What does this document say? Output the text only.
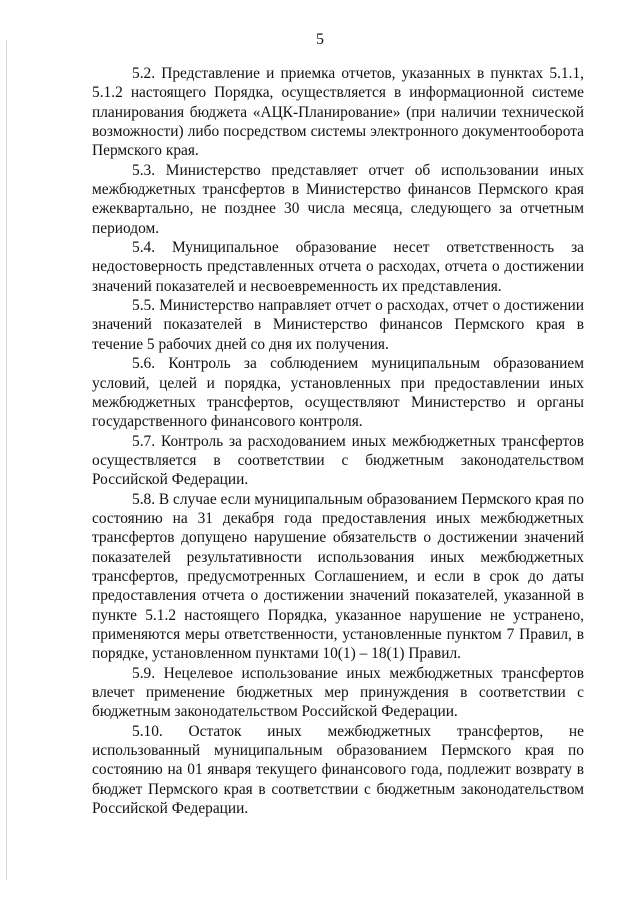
5

5.2. Представление и приемка отчетов, указанных в пунктах 5.1.1, 5.1.2 настоящего Порядка, осуществляется в информационной системе планирования бюджета «АЦК-Планирование» (при наличии технической возможности) либо посредством системы электронного документооборота Пермского края.

5.3. Министерство представляет отчет об использовании иных межбюджетных трансфертов в Министерство финансов Пермского края ежеквартально, не позднее 30 числа месяца, следующего за отчетным периодом.

5.4. Муниципальное образование несет ответственность за недостоверность представленных отчета о расходах, отчета о достижении значений показателей и несвоевременность их представления.

5.5. Министерство направляет отчет о расходах, отчет о достижении значений показателей в Министерство финансов Пермского края в течение 5 рабочих дней со дня их получения.

5.6. Контроль за соблюдением муниципальным образованием условий, целей и порядка, установленных при предоставлении иных межбюджетных трансфертов, осуществляют Министерство и органы государственного финансового контроля.

5.7. Контроль за расходованием иных межбюджетных трансфертов осуществляется в соответствии с бюджетным законодательством Российской Федерации.

5.8. В случае если муниципальным образованием Пермского края по состоянию на 31 декабря года предоставления иных межбюджетных трансфертов допущено нарушение обязательств о достижении значений показателей результативности использования иных межбюджетных трансфертов, предусмотренных Соглашением, и если в срок до даты предоставления отчета о достижении значений показателей, указанной в пункте 5.1.2 настоящего Порядка, указанное нарушение не устранено, применяются меры ответственности, установленные пунктом 7 Правил, в порядке, установленном пунктами 10(1) – 18(1) Правил.

5.9. Нецелевое использование иных межбюджетных трансфертов влечет применение бюджетных мер принуждения в соответствии с бюджетным законодательством Российской Федерации.

5.10. Остаток иных межбюджетных трансфертов, не использованный муниципальным образованием Пермского края по состоянию на 01 января текущего финансового года, подлежит возврату в бюджет Пермского края в соответствии с бюджетным законодательством Российской Федерации.
